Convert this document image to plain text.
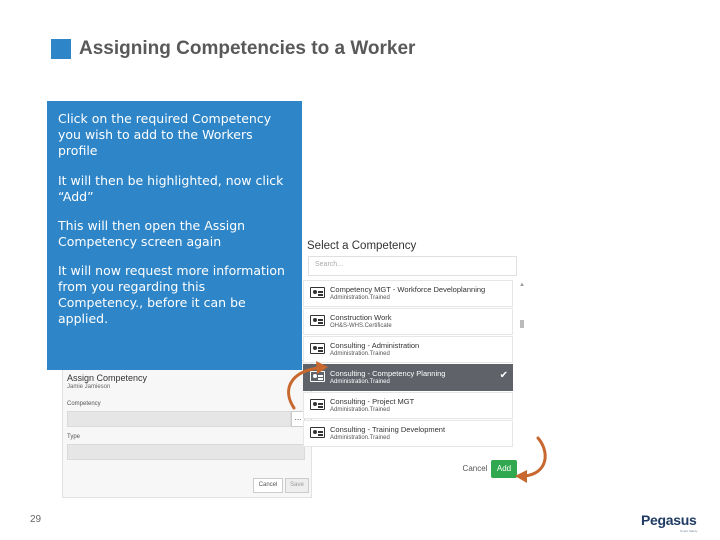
Assigning Competencies to a Worker
Assign Competency
Jamie Jamieson
Competency
...
Type
Cancel	Save

Click on the required Competency you wish to add to the Workers profile

It will then be highlighted, now click “Add”

This will then open the Assign Competency screen again

It will now request more information from you regarding this Competency., before it can be applied.

Select a Competency
Search...
Competency MGT - Workforce Developlanning
Administration.Trained
Construction Work
OH&S-WHS.Certificate
Consulting - Administration
Administration.Trained
Consulting - Competency Planning
Administration.Trained
✔
Consulting - Project MGT
Administration.Trained
Consulting - Training Development
Administration.Trained
▲
Cancel	Add
29	Pegasus
Smart Safety
